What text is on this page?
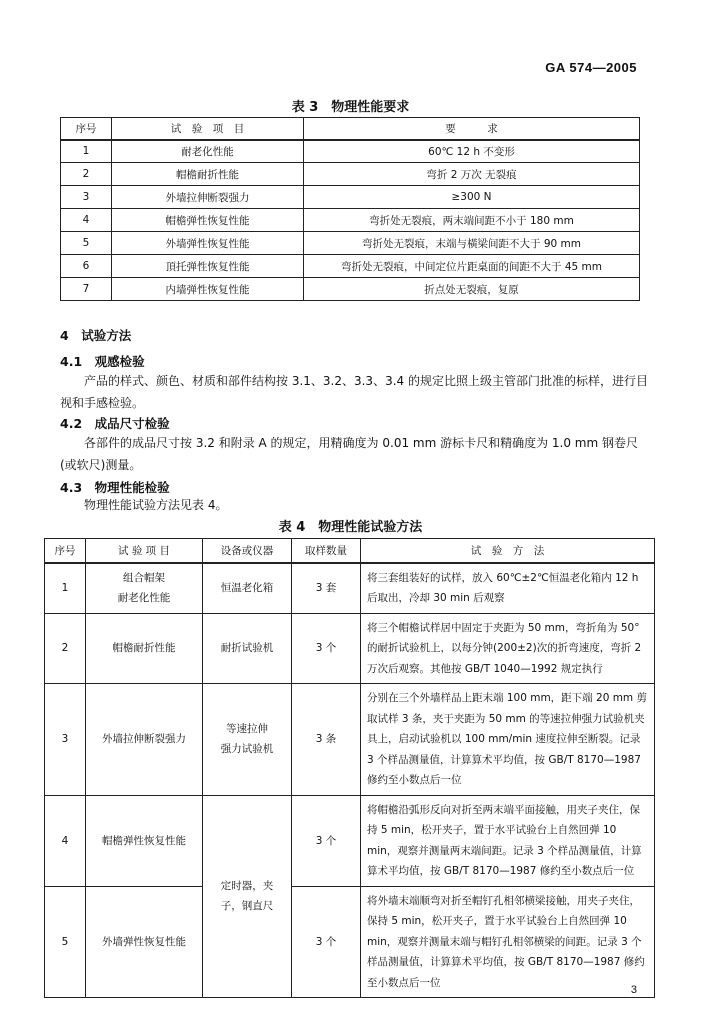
GA 574—2005
表 3　物理性能要求
序号	试　验　项　目	要　　　求
1	耐老化性能	60℃ 12 h 不变形
2	帽檐耐折性能	弯折 2 万次 无裂痕
3	外墙拉伸断裂强力	≥300 N
4	帽檐弹性恢复性能	弯折处无裂痕，两末端间距不小于 180 mm
5	外墙弹性恢复性能	弯折处无裂痕，末端与橫梁间距不大于 90 mm
6	頂托弹性恢复性能	弯折处无裂痕，中间定位片距桌面的间距不大于 45 mm
7	内墙弹性恢复性能	折点处无裂痕，复原
4　试验方法
4.1　观感检验
产品的样式、颜色、材质和部件结构按 3.1、3.2、3.3、3.4 的规定比照上级主管部门批准的标样，进行目视和手感检验。
4.2　成品尺寸检验
各部件的成品尺寸按 3.2 和附录 A 的规定，用精确度为 0.01 mm 游标卡尺和精确度为 1.0 mm 钢卷尺(或软尺)测量。
4.3　物理性能检验
物理性能试验方法见表 4。
表 4　物理性能试验方法
序号	试 验 项 目	设备或仪器	取样数量	试　验　方　法
1	组合帽架
耐老化性能	恒温老化箱	3 套	将三套组装好的试样，放入 60℃±2℃恒温老化箱内 12 h 后取出，冷却 30 min 后观察
2	帽檐耐折性能	耐折试验机	3 个	将三个帽檐试样居中固定于夹距为 50 mm，弯折角为 50°的耐折试验机上，以每分钟(200±2)次的折弯速度，弯折 2 万次后观察。其他按 GB/T 1040—1992 规定执行
3	外墙拉伸断裂强力	等速拉伸
强力试验机	3 条	分别在三个外墙样品上距末端 100 mm，距下端 20 mm 剪取试样 3 条，夹于夹距为 50 mm 的等速拉伸强力试验机夹具上，启动试验机以 100 mm/min 速度拉伸至断裂。记录 3 个样品测量值，计算算术平均值，按 GB/T 8170—1987 修约至小数点后一位
4	帽檐弹性恢复性能	定时器，夹
子，钢直尺	3 个	将帽檐沿弧形反向对折至两末端平面接触，用夹子夹住，保持 5 min，松开夹子，置于水平试验台上自然回弹 10 min，观察并测量两末端间距。记录 3 个样品测量值，计算算术平均值，按 GB/T 8170—1987 修约至小数点后一位
5	外墙弹性恢复性能		3 个	将外墙末端顺弯对折至帽钉孔相邻横梁接触，用夹子夹住，保持 5 min，松开夹子，置于水平试验台上自然回弹 10 min，观察并测量末端与帽钉孔相邻横梁的间距。记录 3 个样品测量值，计算算术平均值，按 GB/T 8170—1987 修约至小数点后一位
3
